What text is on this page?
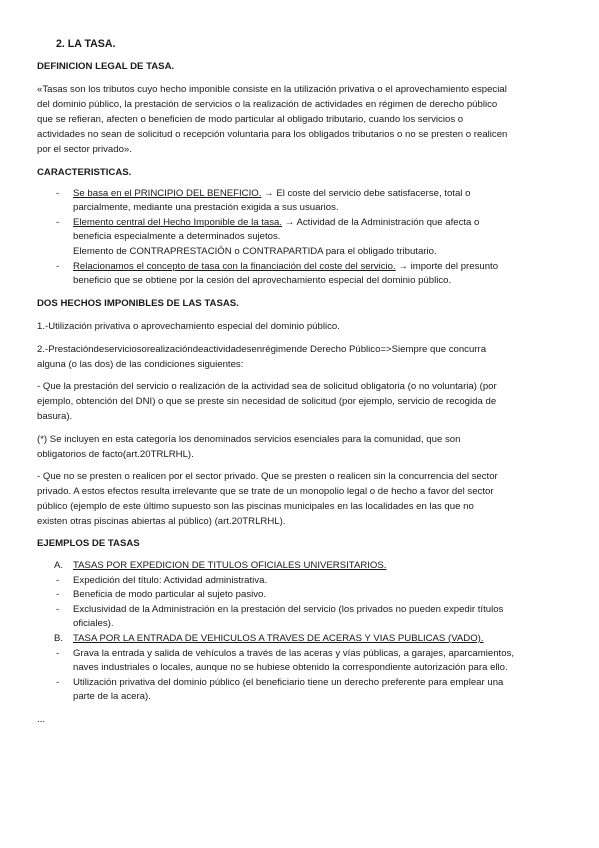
2. LA TASA.

DEFINICION LEGAL DE TASA.

«Tasas son los tributos cuyo hecho imponible consiste en la utilización privativa o el aprovechamiento especial

del dominio público, la prestación de servicios o la realización de actividades en régimen de derecho público

que se refieran, afecten o beneficien de modo particular al obligado tributario, cuando los servicios o

actividades no sean de solicitud o recepción voluntaria para los obligados tributarios o no se presten o realicen

por el sector privado».

CARACTERISTICAS.

- Se basa en el PRINCIPIO DEL BENEFICIO. → El coste del servicio debe satisfacerse, total o

parcialmente, mediante una prestación exigida a sus usuarios.

- Elemento central del Hecho Imponible de la tasa. → Actividad de la Administración que afecta o

beneficia especialmente a determinados sujetos.

Elemento de CONTRAPRESTACIÓN o CONTRAPARTIDA para el obligado tributario.

- Relacionamos el concepto de tasa con la financiación del coste del servicio. → importe del presunto

beneficio que se obtiene por la cesión del aprovechamiento especial del dominio público.

DOS HECHOS IMPONIBLES DE LAS TASAS.

1.-Utilización privativa o aprovechamiento especial del dominio público.

2.-Prestacióndeserviciosorealizacióndeactividadesenrégimende Derecho Público=>Siempre que concurra

alguna (o las dos) de las condiciones siguientes:

- Que la prestación del servicio o realización de la actividad sea de solicitud obligatoria (o no voluntaria) (por

ejemplo, obtención del DNI) o que se preste sin necesidad de solicitud (por ejemplo, servicio de recogida de

basura).

(*) Se incluyen en esta categoría los denominados servicios esenciales para la comunidad, que son

obligatorios de facto(art.20TRLRHL).

- Que no se presten o realicen por el sector privado. Que se presten o realicen sin la concurrencia del sector

privado. A estos efectos resulta irrelevante que se trate de un monopolio legal o de hecho a favor del sector

público (ejemplo de este último supuesto son las piscinas municipales en las localidades en las que no

existen otras piscinas abiertas al público) (art.20TRLRHL).

EJEMPLOS DE TASAS

A. TASAS POR EXPEDICION DE TITULOS OFICIALES UNIVERSITARIOS.

- Expedición del título: Actividad administrativa.

- Beneficia de modo particular al sujeto pasivo.

- Exclusividad de la Administración en la prestación del servicio (los privados no pueden expedir títulos

oficiales).

B. TASA POR LA ENTRADA DE VEHICULOS A TRAVES DE ACERAS Y VIAS PUBLICAS (VADO).

- Grava la entrada y salida de vehículos a través de las aceras y vías públicas, a garajes, aparcamientos,

naves industriales o locales, aunque no se hubiese obtenido la correspondiente autorización para ello.

- Utilización privativa del dominio público (el beneficiario tiene un derecho preferente para emplear una

parte de la acera).

...
